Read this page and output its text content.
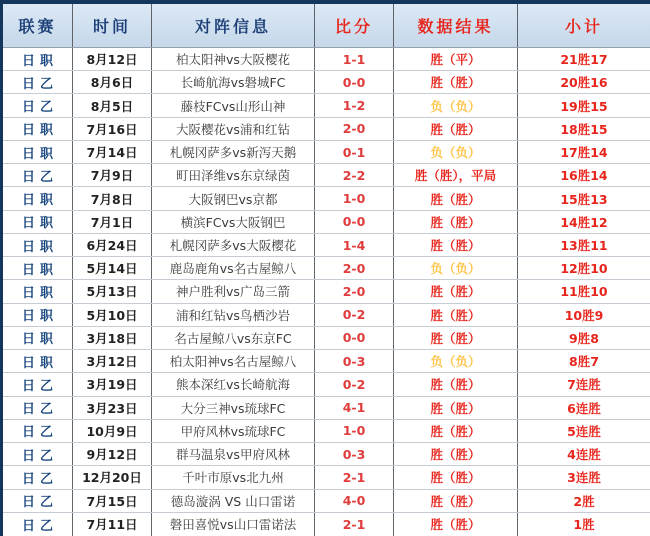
联赛	时间	对阵信息	比分	数据结果	小计
日职	8月12日	柏太阳神vs大阪樱花	1-1	胜（平）	21胜17
日乙	8月6日	长崎航海vs磐城FC	0-0	胜（胜）	20胜16
日乙	8月5日	藤枝FCvs山形山神	1-2	负（负）	19胜15
日职	7月16日	大阪樱花vs浦和红钻	2-0	胜（胜）	18胜15
日职	7月14日	札幌冈萨多vs新泻天鹅	0-1	负（负）	17胜14
日乙	7月9日	町田泽维vs东京绿茵	2-2	胜（胜），平局	16胜14
日职	7月8日	大阪钢巴vs京都	1-0	胜（胜）	15胜13
日职	7月1日	横滨FCvs大阪钢巴	0-0	胜（胜）	14胜12
日职	6月24日	札幌冈萨多vs大阪樱花	1-4	胜（胜）	13胜11
日职	5月14日	鹿岛鹿角vs名古屋鲸八	2-0	负（负）	12胜10
日职	5月13日	神户胜利vs广岛三箭	2-0	胜（胜）	11胜10
日职	5月10日	浦和红钻vs鸟栖沙岩	0-2	胜（胜）	10胜9
日职	3月18日	名古屋鲸八vs东京FC	0-0	胜（胜）	9胜8
日职	3月12日	柏太阳神vs名古屋鲸八	0-3	负（负）	8胜7
日乙	3月19日	熊本深红vs长崎航海	0-2	胜（胜）	7连胜
日乙	3月23日	大分三神vs琉球FC	4-1	胜（胜）	6连胜
日乙	10月9日	甲府风林vs琉球FC	1-0	胜（胜）	5连胜
日乙	9月12日	群马温泉vs甲府风林	0-3	胜（胜）	4连胜
日乙	12月20日	千叶市原vs北九州	2-1	胜（胜）	3连胜
日乙	7月15日	德岛漩涡 VS 山口雷诺	4-0	胜（胜）	2胜
日乙	7月11日	磐田喜悦vs山口雷诺法	2-1	胜（胜）	1胜
